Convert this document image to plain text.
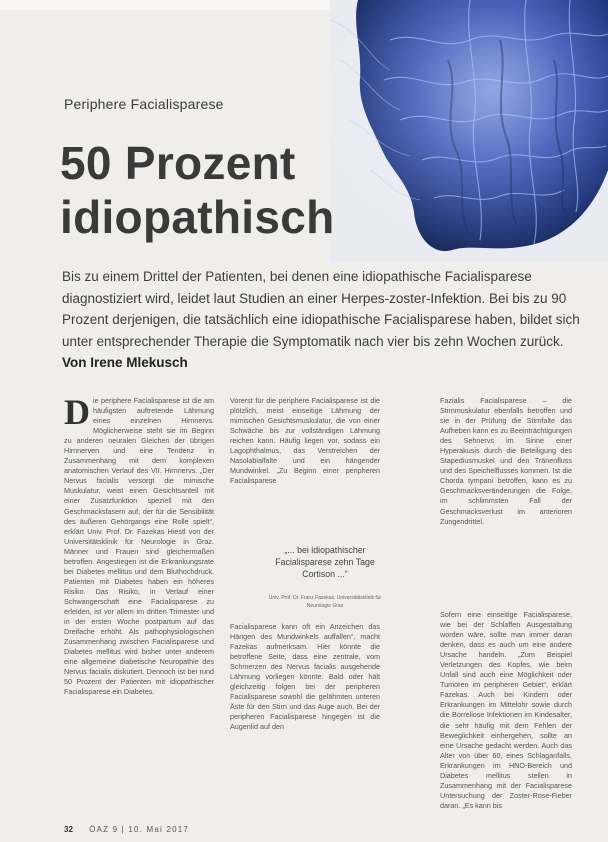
Periphere Facialisparese
50 Prozent
idiopathisch
Bis zu einem Drittel der Patienten, bei denen eine idiopathische Facialisparese diagnostiziert wird, leidet laut Studien an einer Herpes-zoster-Infektion. Bei bis zu 90 Prozent derjenigen, die tatsächlich eine idiopathische Facialisparese haben, bildet sich unter entsprechender Therapie die Symptomatik nach vier bis zehn Wochen zurück. Von Irene Mlekusch
Die periphere Facialisparese ist die am häufigsten auftretende Lähmung eines einzelnen Hirnnervs. Möglicherweise steht sie im Beginn zu anderen neuralen Gleichen der übrigen Hirnnerven und eine Tendenz in Zusammenhang mit dem komplexen anatomischen Verlauf des VII. Hirnnervs. „Der Nervus facialis versorgt die mimische Muskulatur, weist einen Gesichtsanteil mit einer Zusatzfunktion speziell mit den Geschmacksfasern auf, der für die Sensibilität des äußeren Gehörgangs eine Rolle spielt“, erklärt Univ. Prof. Dr. Fazekas Hiestl von der Universitätsklinik für Neurologie in Graz. Männer und Frauen sind gleichermaßen betroffen. Angestiegen ist die Erkrankungsrate bei Diabetes mellitus und dem Bluthochdruck. Patienten mit Diabetes haben ein höheres Risiko. Das Risiko, in Verlauf einer Schwangerschaft eine Facialisparese zu erleiden, ist vor allem im dritten Trimester und in der ersten Woche postpartum auf das Dreifache erhöht. Als pathophysiologischen Zusammenhang zwischen Facialisparese und Diabetes mellitus wird bisher unter anderem eine allgemeine diabetische Neuropathie des Nervus facialis diskutiert. Dennoch ist bei rund 50 Prozent der Patienten mit idiopathischer Facialisparese ein Diabetes.
Vorerst für die periphere Facialisparese ist die plötzlich, meist einseitige Lähmung der mimischen Gesichtsmuskulatur, die von einer Schwäche bis zur vollständigen Lähmung reichen kann. Häufig liegen vor, sodass ein Lagophthalmus, das Verstreichen der Nasolabialfalte und ein hängender Mundwinkel. „Zu Beginn einer peripheren Facialisparese
„... bei idiopathischer Facialisparese zehn Tage Cortison ...“
Univ. Prof. Dr. Franz Fazekas, Universitätsklinik für Neurologie Graz
Facialisparese kann oft ein Anzeichen das Hängen des Mundwinkels auffallen“, macht Fazekas aufmerksam. Hier könnte die betroffene Seite, dass eine zentrale, vom Schmerzen des Nervus facialis ausgehende Lähmung vorliegen könnte. Bald oder hält gleichzeitig folgen bei der peripheren Facialisparese sowohl die gelähmten unteren Äste für den Stirn und das Auge auch. Bei der peripheren Facialisparese hingegen ist die Augenlid auf den
Fazialis Facialisparese – die Stirnmuskulatur ebenfalls betroffen und sie in der Prüfung die Stirnfalte das Aufheben kann es zu Beeinträchtigungen des Sehnervs im Sinne einer Hyperakusis durch die Beteiligung des Stapediusmuskel und den Tränenfluss und des Speichelflusses kommen. Ist die Chorda tympani betroffen, kann es zu Geschmacksveränderungen die Folge, im schlimmsten Fall der Geschmacksverlust im anterioren Zungendrittel.
Sofern eine einseitige Facialisparese, wie bei der Schlaffen Ausgestaltung worden wäre, sollte man immer daran denken, dass es auch um eine andere Ursache handeln. „Zum Beispiel Verletzungen des Kopfes, wie beim Unfall sind auch eine Möglichkeit oder Tumoren im peripheren Gebiet“, erklärt Fazekas. Auch bei Kindern oder Erkrankungen im Mittelohr sowie durch die Borreliose Infektionen im Kindesalter, die sehr häufig mit dem Fehlen der Beweglichkeit einhergehen, sollte an eine Ursache gedacht werden. Auch das Alter von über 60, eines Schlaganfalls, Erkrankungen im HNO-Bereich und Diabetes mellitus stellen in Zusammenhang mit der Facialisparese Untersuchung der Zoster-Rose-Fieber daran. „Es kann bis
32 ÖAZ 9 | 10. Mai 2017
